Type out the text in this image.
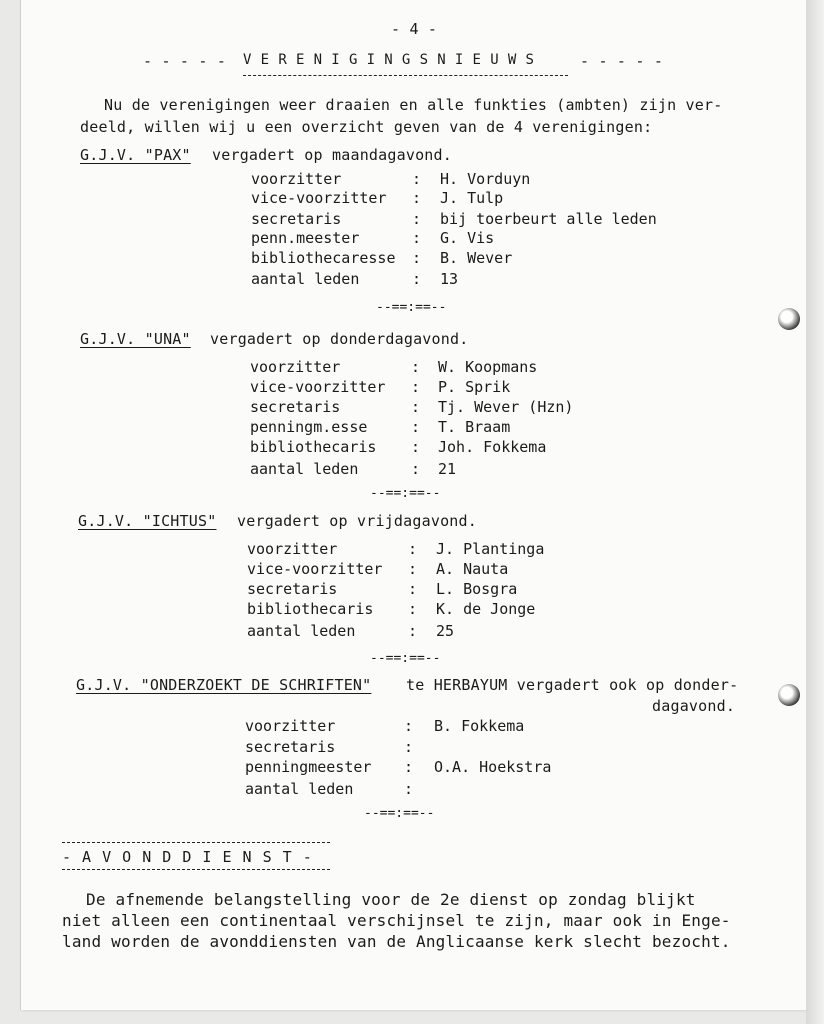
- 4 -
- - - - - V E R E N I G I N G S N I E U W S	- - - - -
Nu de verenigingen weer draaien en alle funkties (ambten) zijn ver-
deeld, willen wij u een overzicht geven van de 4 verenigingen:
G.J.V. "PAX" vergadert op maandagavond.
voorzitter	: H. Vorduyn
vice-voorzitter : J. Tulp
secretaris	: bij toerbeurt alle leden
penn.meester	: G. Vis
bibliothecaresse : B. Wever
aantal leden	: 13
--==:==--
G.J.V. "UNA" vergadert op donderdagavond.
voorzitter	: W. Koopmans
vice-voorzitter : P. Sprik
secretaris	: Tj. Wever (Hzn)
penningm.esse	: T. Braam
bibliothecaris : Joh. Fokkema
aantal leden	: 21
--==:==--
G.J.V. "ICHTUS" vergadert op vrijdagavond.
voorzitter	: J. Plantinga
vice-voorzitter : A. Nauta
secretaris	: L. Bosgra
bibliothecaris : K. de Jonge
aantal leden	: 25
--==:==--
G.J.V. "ONDERZOEKT DE SCHRIFTEN" te HERBAYUM vergadert ook op donder-
dagavond.
voorzitter	: B. Fokkema
secretaris	:
penningmeester : O.A. Hoekstra
aantal leden	:
--==:==--
- A V O N D D I E N S T -
De afnemende belangstelling voor de 2e dienst op zondag blijkt
niet alleen een continentaal verschijnsel te zijn, maar ook in Enge-
land worden de avonddiensten van de Anglicaanse kerk slecht bezocht.
